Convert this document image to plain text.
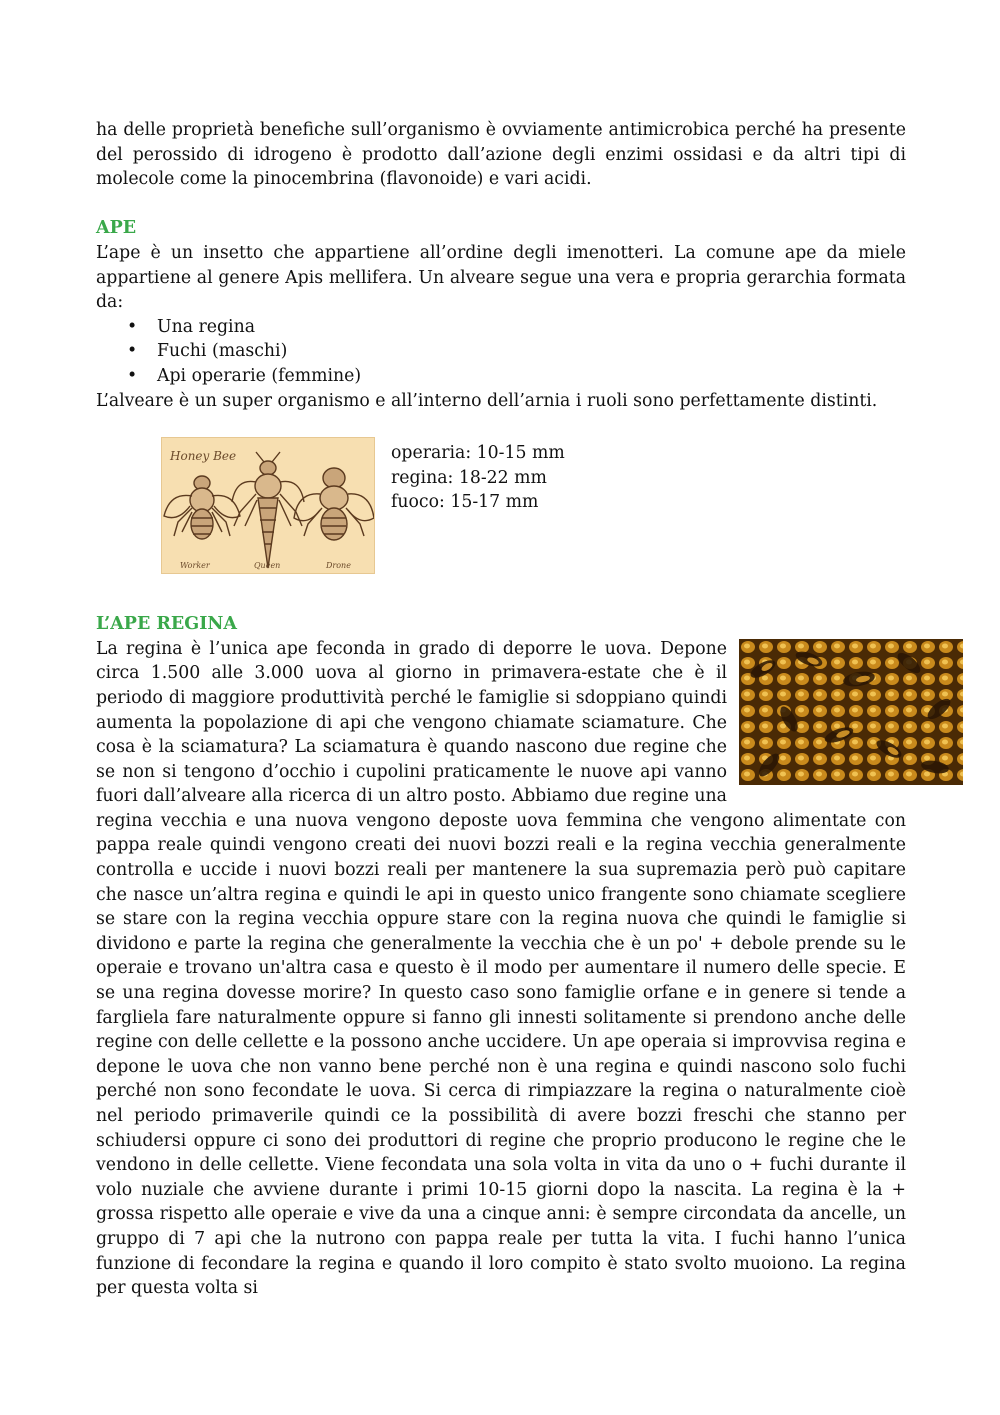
ha delle proprietà benefiche sull’organismo è ovviamente antimicrobica perché ha presente del perossido di idrogeno è prodotto dall’azione degli enzimi ossidasi e da altri tipi di molecole come la pinocembrina (flavonoide) e vari acidi.

APE

L’ape è un insetto che appartiene all’ordine degli imenotteri. La comune ape da miele appartiene al genere Apis mellifera. Un alveare segue una vera e propria gerarchia formata da:

• Una regina
• Fuchi (maschi)
• Api operarie (femmine)

L’alveare è un super organismo e all’interno dell’arnia i ruoli sono perfettamente distinti.

Honey Bee
Worker	Queen	Drone
operaria: 10-15 mm
regina: 18-22 mm
fuoco: 15-17 mm
L’APE REGINA

La regina è l’unica ape feconda in grado di deporre le uova. Depone circa 1.500 alle 3.000 uova al giorno in primavera-estate che è il periodo di maggiore produttività perché le famiglie si sdoppiano quindi aumenta la popolazione di api che vengono chiamate sciamature. Che cosa è la sciamatura? La sciamatura è quando nascono due regine che se non si tengono d’occhio i cupolini praticamente le nuove api vanno fuori dall’alveare alla ricerca di un altro posto. Abbiamo due regine una regina vecchia e una nuova vengono deposte uova femmina che vengono alimentate con pappa reale quindi vengono creati dei nuovi bozzi reali e la regina vecchia generalmente controlla e uccide i nuovi bozzi reali per mantenere la sua supremazia però può capitare che nasce un’altra regina e quindi le api in questo unico frangente sono chiamate scegliere se stare con la regina vecchia oppure stare con la regina nuova che quindi le famiglie si dividono e parte la regina che generalmente la vecchia che è un po' + debole prende su le operaie e trovano un'altra casa e questo è il modo per aumentare il numero delle specie. E se una regina dovesse morire? In questo caso sono famiglie orfane e in genere si tende a fargliela fare naturalmente oppure si fanno gli innesti solitamente si prendono anche delle regine con delle cellette e la possono anche uccidere. Un ape operaia si improvvisa regina e depone le uova che non vanno bene perché non è una regina e quindi nascono solo fuchi perché non sono fecondate le uova. Si cerca di rimpiazzare la regina o naturalmente cioè nel periodo primaverile quindi ce la possibilità di avere bozzi freschi che stanno per schiudersi oppure ci sono dei produttori di regine che proprio producono le regine che le vendono in delle cellette. Viene fecondata una sola volta in vita da uno o + fuchi durante il volo nuziale che avviene durante i primi 10-15 giorni dopo la nascita. La regina è la + grossa rispetto alle operaie e vive da una a cinque anni: è sempre circondata da ancelle, un gruppo di 7 api che la nutrono con pappa reale per tutta la vita. I fuchi hanno l’unica funzione di fecondare la regina e quando il loro compito è stato svolto muoiono. La regina per questa volta si
